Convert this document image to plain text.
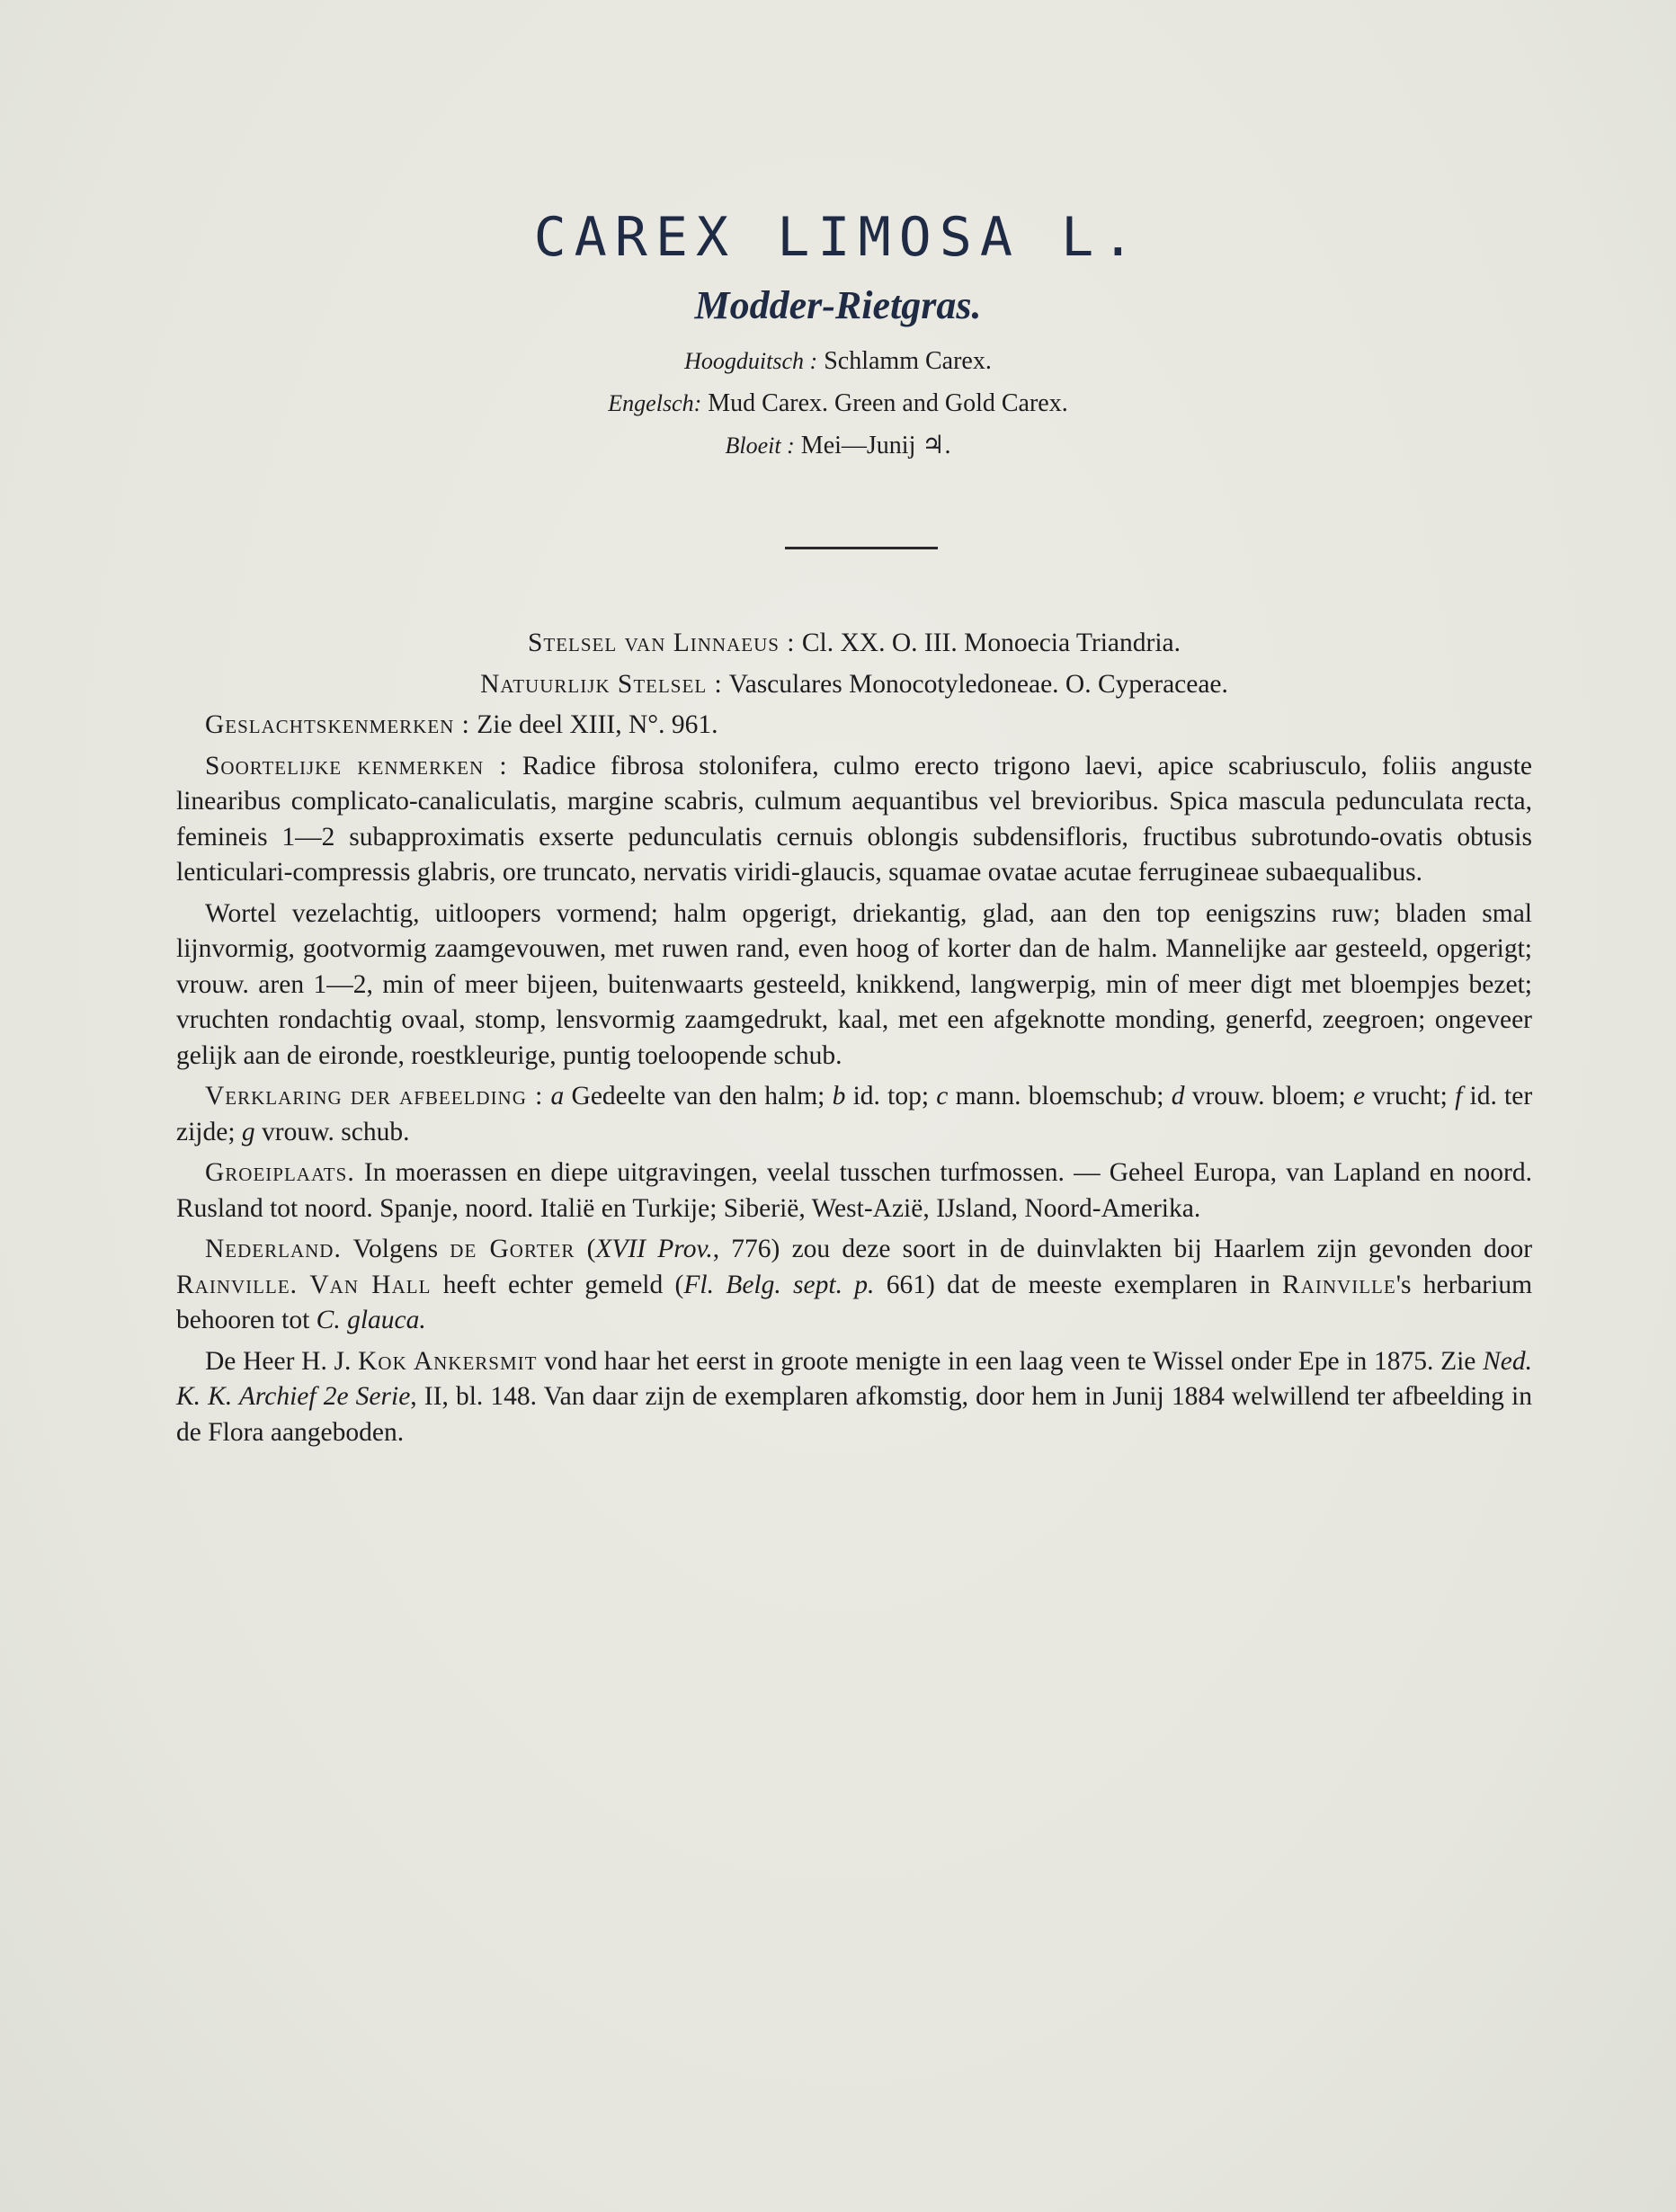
CAREX LIMOSA L.
Modder-Rietgras.
Hoogduitsch : Schlamm Carex.
Engelsch: Mud Carex. Green and Gold Carex.
Bloeit : Mei—Junij ♃.

Stelsel van Linnaeus : Cl. XX. O. III. Monoecia Triandria.

Natuurlijk Stelsel : Vasculares Monocotyledoneae. O. Cyperaceae.

Geslachtskenmerken : Zie deel XIII, N°. 961.

Soortelijke kenmerken : Radice fibrosa stolonifera, culmo erecto trigono laevi, apice scabriusculo, foliis anguste linearibus complicato-canaliculatis, margine scabris, culmum aequantibus vel brevioribus. Spica mascula pedunculata recta, femineis 1—2 subapproximatis exserte pedunculatis cernuis oblongis subdensifloris, fructibus subrotundo-ovatis obtusis lenticulari-compressis glabris, ore truncato, nervatis viridi-glaucis, squamae ovatae acutae ferrugineae subaequalibus.

Wortel vezelachtig, uitloopers vormend; halm opgerigt, driekantig, glad, aan den top eenigszins ruw; bladen smal lijnvormig, gootvormig zaamgevouwen, met ruwen rand, even hoog of korter dan de halm. Mannelijke aar gesteeld, opgerigt; vrouw. aren 1—2, min of meer bijeen, buitenwaarts gesteeld, knikkend, langwerpig, min of meer digt met bloempjes bezet; vruchten rondachtig ovaal, stomp, lensvormig zaamgedrukt, kaal, met een afgeknotte monding, generfd, zeegroen; ongeveer gelijk aan de eironde, roestkleurige, puntig toeloopende schub.

Verklaring der afbeelding : a Gedeelte van den halm; b id. top; c mann. bloemschub; d vrouw. bloem; e vrucht; f id. ter zijde; g vrouw. schub.

Groeiplaats. In moerassen en diepe uitgravingen, veelal tusschen turfmossen. — Geheel Europa, van Lapland en noord. Rusland tot noord. Spanje, noord. Italië en Turkije; Siberië, West-Azië, IJsland, Noord-Amerika.

Nederland. Volgens de Gorter (XVII Prov., 776) zou deze soort in de duinvlakten bij Haarlem zijn gevonden door Rainville. Van Hall heeft echter gemeld (Fl. Belg. sept. p. 661) dat de meeste exemplaren in Rainville's herbarium behooren tot C. glauca.

De Heer H. J. Kok Ankersmit vond haar het eerst in groote menigte in een laag veen te Wissel onder Epe in 1875. Zie Ned. K. K. Archief 2e Serie, II, bl. 148. Van daar zijn de exemplaren afkomstig, door hem in Junij 1884 welwillend ter afbeelding in de Flora aangeboden.
